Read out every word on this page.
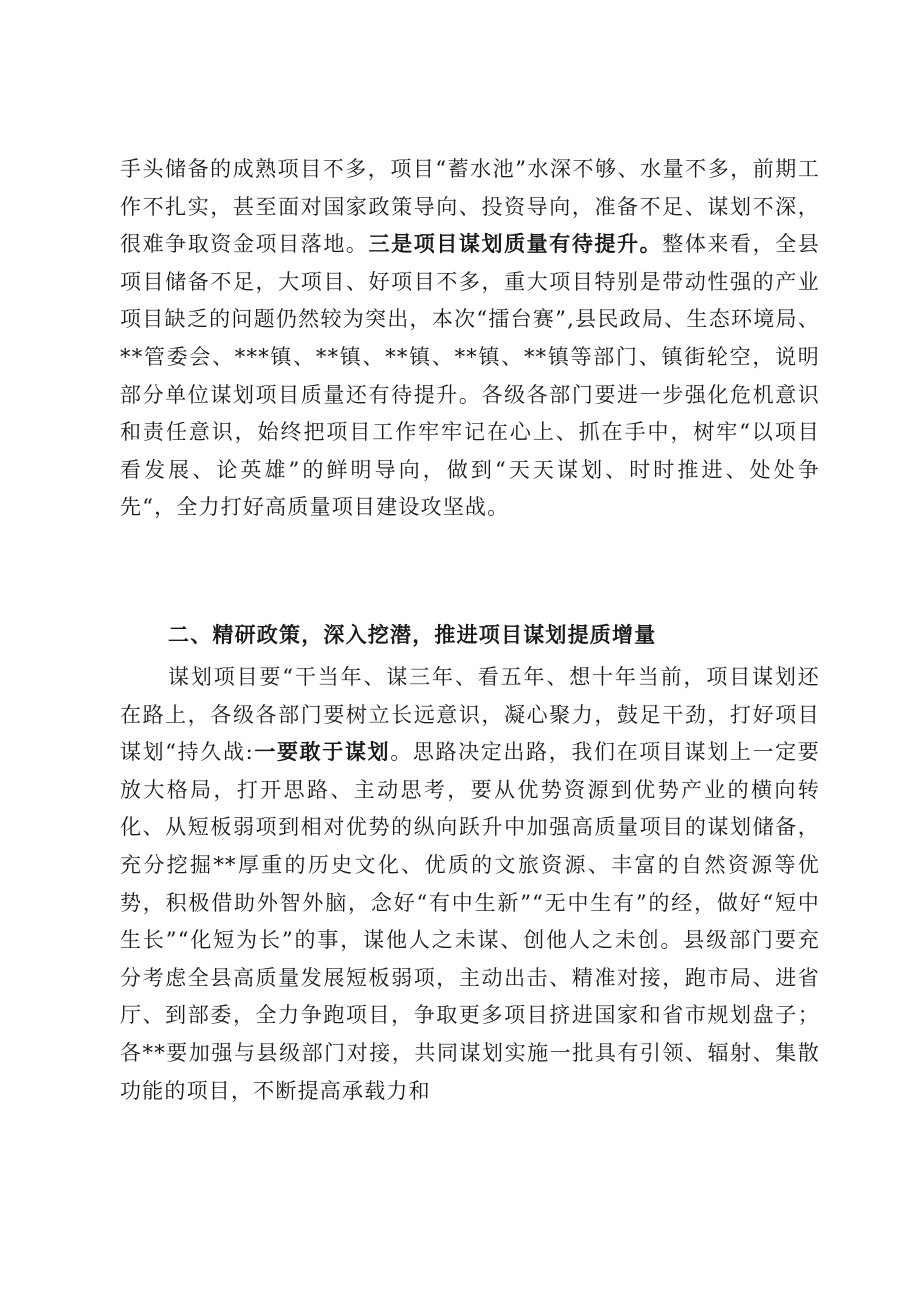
手头储备的成熟项目不多，项目“蓄水池”水深不够、水量不多，前期工作不扎实，甚至面对国家政策导向、投资导向，准备不足、谋划不深，很难争取资金项目落地。三是项目谋划质量有待提升。整体来看，全县项目储备不足，大项目、好项目不多，重大项目特别是带动性强的产业项目缺乏的问题仍然较为突出，本次“擂台赛”,县民政局、生态环境局、**管委会、***镇、**镇、**镇、**镇、**镇等部门、镇街轮空，说明部分单位谋划项目质量还有待提升。各级各部门要进一步强化危机意识和责任意识，始终把项目工作牢牢记在心上、抓在手中，树牢“以项目看发展、论英雄”的鲜明导向，做到“天天谋划、时时推进、处处争先“，全力打好高质量项目建设攻坚战。

二、精研政策，深入挖潜，推进项目谋划提质增量

谋划项目要“干当年、谋三年、看五年、想十年当前，项目谋划还在路上，各级各部门要树立长远意识，凝心聚力，鼓足干劲，打好项目谋划“持久战:一要敢于谋划。思路决定出路，我们在项目谋划上一定要放大格局，打开思路、主动思考，要从优势资源到优势产业的横向转化、从短板弱项到相对优势的纵向跃升中加强高质量项目的谋划储备，充分挖掘**厚重的历史文化、优质的文旅资源、丰富的自然资源等优势，积极借助外智外脑，念好“有中生新”“无中生有”的经，做好“短中生长”“化短为长”的事，谋他人之未谋、创他人之未创。县级部门要充分考虑全县高质量发展短板弱项，主动出击、精准对接，跑市局、进省厅、到部委，全力争跑项目，争取更多项目挤进国家和省市规划盘子；各**要加强与县级部门对接，共同谋划实施一批具有引领、辐射、集散功能的项目，不断提高承载力和
